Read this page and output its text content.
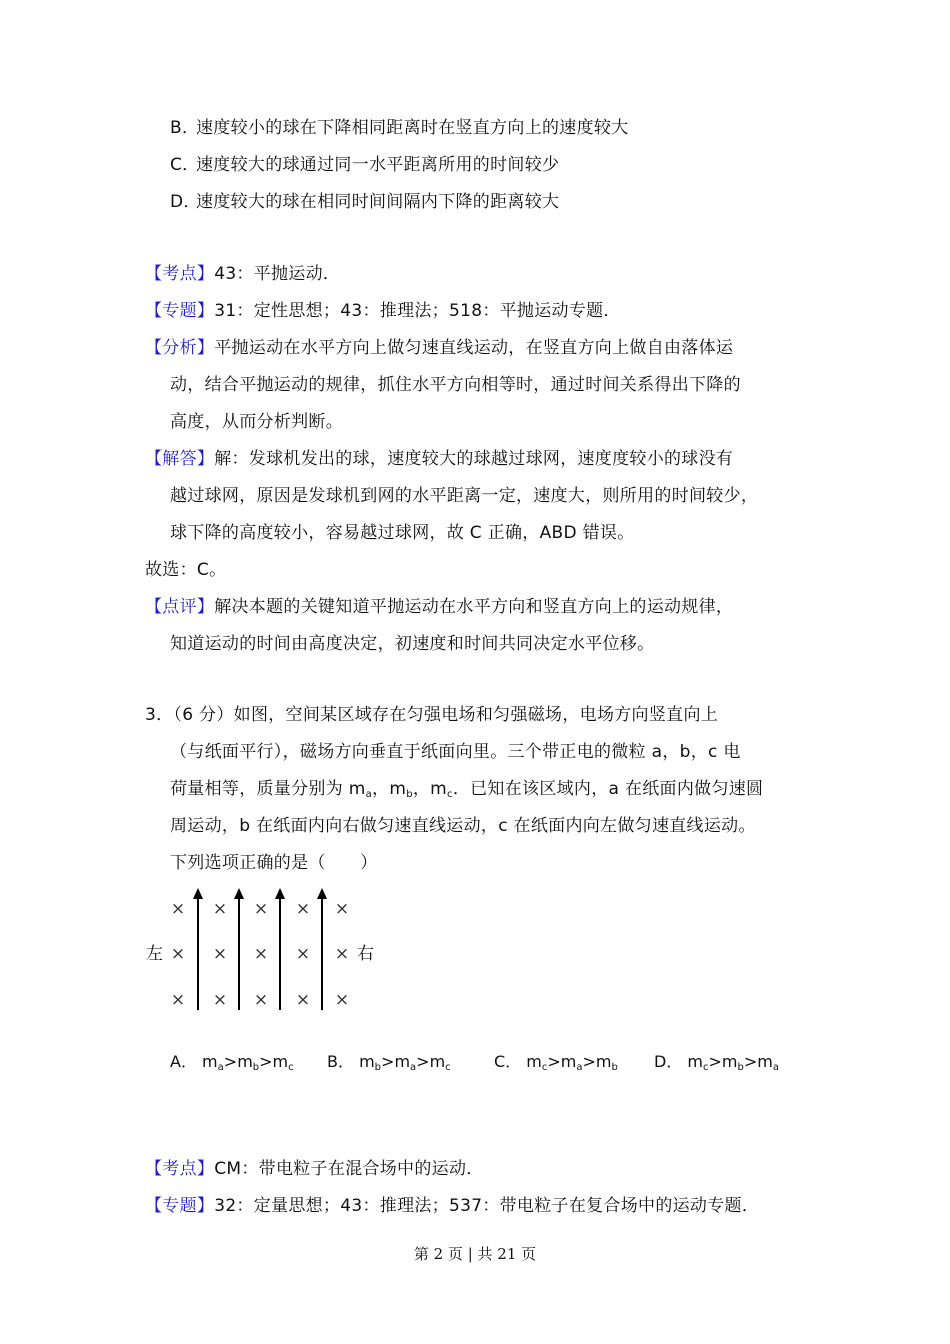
B．速度较小的球在下降相同距离时在竖直方向上的速度较大
C．速度较大的球通过同一水平距离所用的时间较少
D．速度较大的球在相同时间间隔内下降的距离较大
【考点】43：平抛运动．
【专题】31：定性思想；43：推理法；518：平抛运动专题．
【分析】平抛运动在水平方向上做匀速直线运动，在竖直方向上做自由落体运
动，结合平抛运动的规律，抓住水平方向相等时，通过时间关系得出下降的
高度，从而分析判断。
【解答】解：发球机发出的球，速度较大的球越过球网，速度度较小的球没有
越过球网，原因是发球机到网的水平距离一定，速度大，则所用的时间较少，
球下降的高度较小，容易越过球网，故 C 正确，ABD 错误。
故选：C。
【点评】解决本题的关键知道平抛运动在水平方向和竖直方向上的运动规律，
知道运动的时间由高度决定，初速度和时间共同决定水平位移。
3．（6 分）如图，空间某区域存在匀强电场和匀强磁场，电场方向竖直向上
（与纸面平行），磁场方向垂直于纸面向里。三个带正电的微粒 a，b，c 电
荷量相等，质量分别为 $m_a$，$m_b$，$m_c$．已知在该区域内，a 在纸面内做匀速圆
周运动，b 在纸面内向右做匀速直线运动，c 在纸面内向左做匀速直线运动。
下列选项正确的是（　　）
左	右
× × × × ×
× × × × ×
× × × × ×
A． $m_a>m_b>m_c$ B． $m_b>m_a>m_c$	C． $m_c>m_a>m_b$ D． $m_c>m_b>m_a$
【考点】CM：带电粒子在混合场中的运动．
【专题】32：定量思想；43：推理法；537：带电粒子在复合场中的运动专题．
第 2 页 | 共 21 页
